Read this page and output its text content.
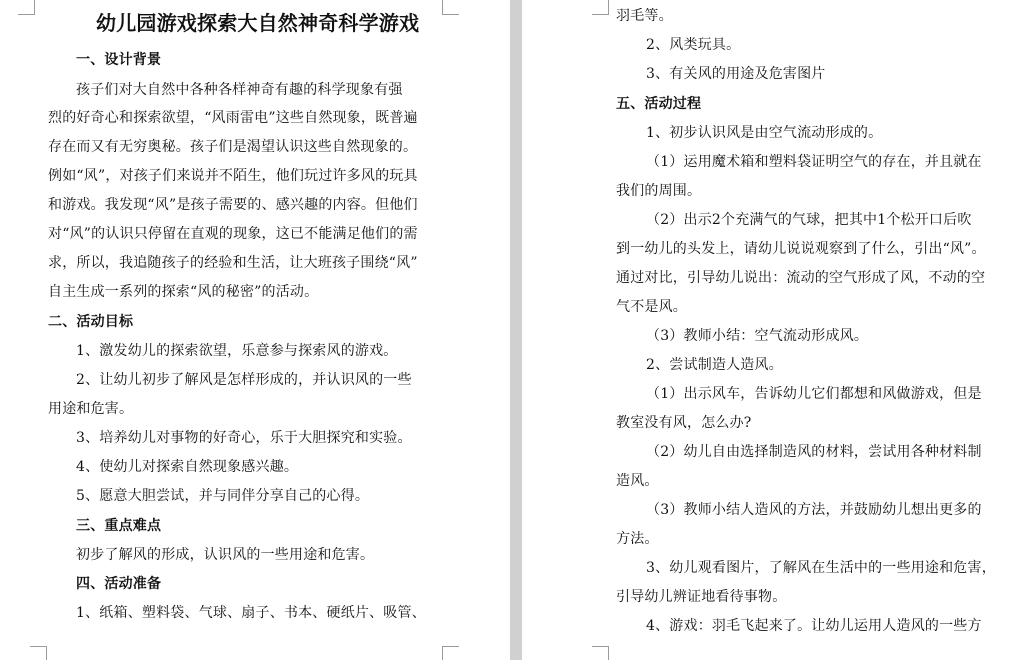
幼儿园游戏探索大自然神奇科学游戏
一、设计背景
孩子们对大自然中各种各样神奇有趣的科学现象有强
烈的好奇心和探索欲望，“风雨雷电”这些自然现象，既普遍
存在而又有无穷奥秘。孩子们是渴望认识这些自然现象的。
例如“风”，对孩子们来说并不陌生，他们玩过许多风的玩具
和游戏。我发现“风”是孩子需要的、感兴趣的内容。但他们
对“风”的认识只停留在直观的现象，这已不能满足他们的需
求，所以，我追随孩子的经验和生活，让大班孩子围绕“风”
自主生成一系列的探索“风的秘密”的活动。
二、活动目标
1、激发幼儿的探索欲望，乐意参与探索风的游戏。
2、让幼儿初步了解风是怎样形成的，并认识风的一些
用途和危害。
3、培养幼儿对事物的好奇心，乐于大胆探究和实验。
4、使幼儿对探索自然现象感兴趣。
5、愿意大胆尝试，并与同伴分享自己的心得。
三、重点难点
初步了解风的形成，认识风的一些用途和危害。
四、活动准备
1、纸箱、塑料袋、气球、扇子、书本、硬纸片、吸管、
羽毛等。
2、风类玩具。
3、有关风的用途及危害图片
五、活动过程
1、初步认识风是由空气流动形成的。
（1）运用魔术箱和塑料袋证明空气的存在，并且就在
我们的周围。
（2）出示2个充满气的气球，把其中1个松开口后吹
到一幼儿的头发上，请幼儿说说观察到了什么，引出“风”。
通过对比，引导幼儿说出：流动的空气形成了风，不动的空
气不是风。
（3）教师小结：空气流动形成风。
2、尝试制造人造风。
（1）出示风车，告诉幼儿它们都想和风做游戏，但是
教室没有风，怎么办?
（2）幼儿自由选择制造风的材料，尝试用各种材料制
造风。
（3）教师小结人造风的方法，并鼓励幼儿想出更多的
方法。
3、幼儿观看图片，了解风在生活中的一些用途和危害，
引导幼儿辨证地看待事物。
4、游戏：羽毛飞起来了。让幼儿运用人造风的一些方
